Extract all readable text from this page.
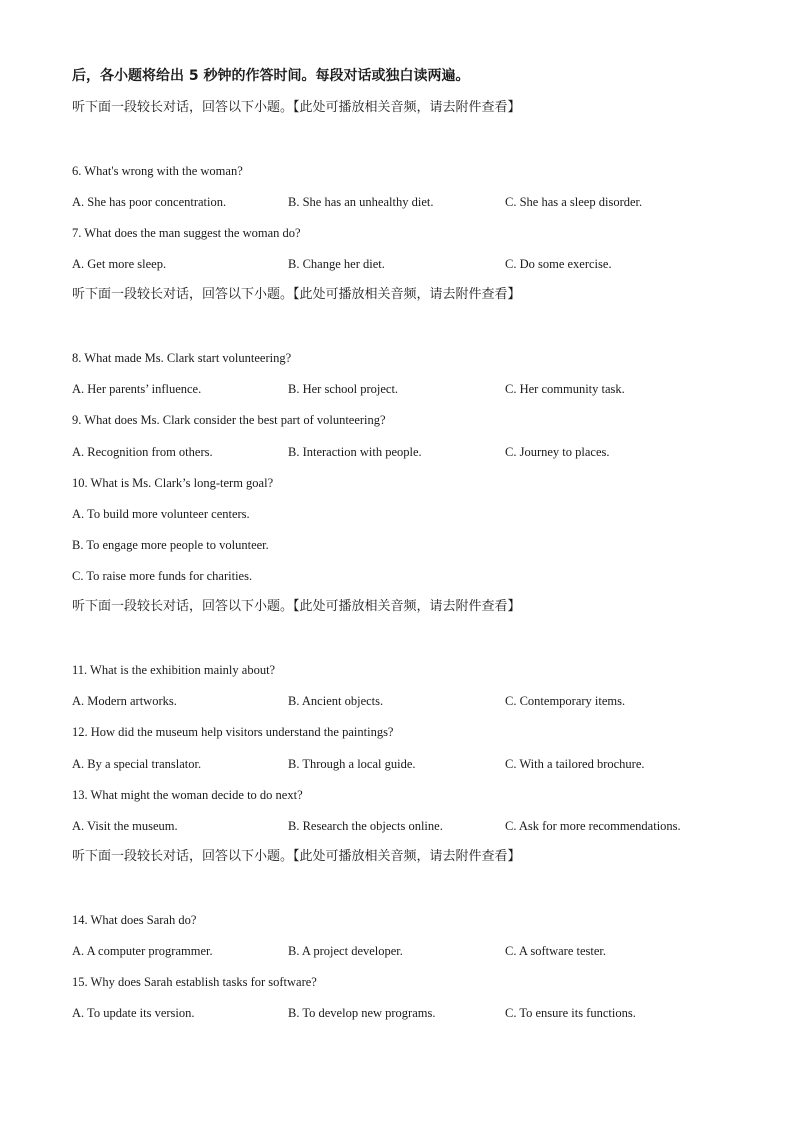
后，各小题将给出 5 秒钟的作答时间。每段对话或独白读两遍。
听下面一段较长对话，回答以下小题。【此处可播放相关音频，请去附件查看】
6. What's wrong with the woman?
A. She has poor concentration.	B. She has an unhealthy diet.	C. She has a sleep disorder.
7. What does the man suggest the woman do?
A. Get more sleep.	B. Change her diet.	C. Do some exercise.
听下面一段较长对话，回答以下小题。【此处可播放相关音频，请去附件查看】
8. What made Ms. Clark start volunteering?
A. Her parents’ influence.	B. Her school project.	C. Her community task.
9. What does Ms. Clark consider the best part of volunteering?
A. Recognition from others.	B. Interaction with people.	C. Journey to places.
10. What is Ms. Clark’s long-term goal?
A. To build more volunteer centers.
B. To engage more people to volunteer.
C. To raise more funds for charities.
听下面一段较长对话，回答以下小题。【此处可播放相关音频，请去附件查看】
11. What is the exhibition mainly about?
A. Modern artworks.	B. Ancient objects.	C. Contemporary items.
12. How did the museum help visitors understand the paintings?
A. By a special translator.	B. Through a local guide.	C. With a tailored brochure.
13. What might the woman decide to do next?
A. Visit the museum.	B. Research the objects online.	C. Ask for more recommendations.
听下面一段较长对话，回答以下小题。【此处可播放相关音频，请去附件查看】
14. What does Sarah do?
A. A computer programmer.	B. A project developer.	C. A software tester.
15. Why does Sarah establish tasks for software?
A. To update its version.	B. To develop new programs.	C. To ensure its functions.
